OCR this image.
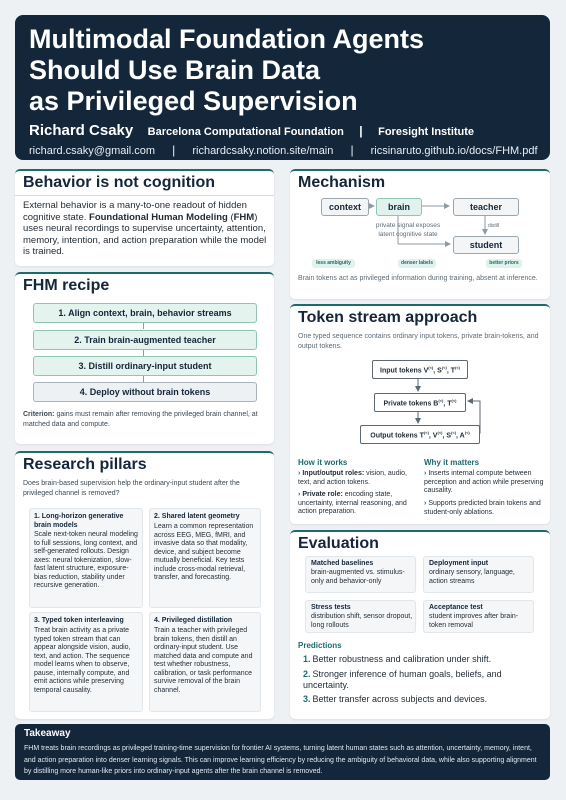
Multimodal Foundation Agents
Should Use Brain Data
as Privileged Supervision
Richard Csaky Barcelona Computational Foundation | Foresight Institute
richard.csaky@gmail.com | richardcsaky.notion.site/main | ricsinaruto.github.io/docs/FHM.pdf
Behavior is not cognition
External behavior is a many-to-one readout of hidden cognitive state. Foundational Human Modeling (FHM) uses neural recordings to supervise uncertainty, attention, memory, intention, and action preparation while the model is trained.
FHM recipe
1. Align context, brain, behavior streams
2. Train brain-augmented teacher
3. Distill ordinary-input student
4. Deploy without brain tokens
Criterion: gains must remain after removing the privileged brain channel, at matched data and compute.
Research pillars
Does brain-based supervision help the ordinary-input student after the privileged channel is removed?
1. Long-horizon generative brain models
Scale next-token neural modeling to full sessions, long context, and self-generated rollouts. Design axes: neural tokenization, slow-fast latent structure, exposure-bias reduction, stability under recursive generation.
2. Shared latent geometry
Learn a common representation across EEG, MEG, fMRI, and invasive data so that modality, device, and subject become mutually beneficial. Key tests include cross-modal retrieval, transfer, and forecasting.
3. Typed token interleaving
Treat brain activity as a private typed token stream that can appear alongside vision, audio, text, and action. The sequence model learns when to observe, pause, internally compute, and emit actions while preserving temporal causality.
4. Privileged distillation
Train a teacher with privileged brain tokens, then distill an ordinary-input student. Use matched data and compute and test whether robustness, calibration, or task performance survive removal of the brain channel.
Mechanism
context	brain	teacher
student
private signal exposes latent cognitive state
distill
less ambiguity	denser labels	better priors
Brain tokens act as privileged information during training, absent at inference.
Token stream approach
One typed sequence contains ordinary input tokens, private brain-tokens, and output tokens.
Input tokens V(<), S(<), T(<)
Private tokens B(<), T(<)
Output tokens T(<), V(<), S(<), A(<)
How it works
› Input/output roles: vision, audio, text, and action tokens.
› Private role: encoding state, uncertainty, internal reasoning, and action preparation.
Why it matters
› Inserts internal compute between perception and action while preserving causality.
› Supports predicted brain tokens and student-only ablations.
Evaluation
Matched baselines
brain-augmented vs. stimulus-only and behavior-only
Deployment input
ordinary sensory, language, action streams
Stress tests
distribution shift, sensor dropout, long rollouts
Acceptance test
student improves after brain-token removal
Predictions
1. Better robustness and calibration under shift.
2. Stronger inference of human goals, beliefs, and uncertainty.
3. Better transfer across subjects and devices.
Takeaway
FHM treats brain recordings as privileged training-time supervision for frontier AI systems, turning latent human states such as attention, uncertainty, memory, intent, and action preparation into denser learning signals. This can improve learning efficiency by reducing the ambiguity of behavioral data, while also supporting alignment by distilling more human-like priors into ordinary-input agents after the brain channel is removed.
